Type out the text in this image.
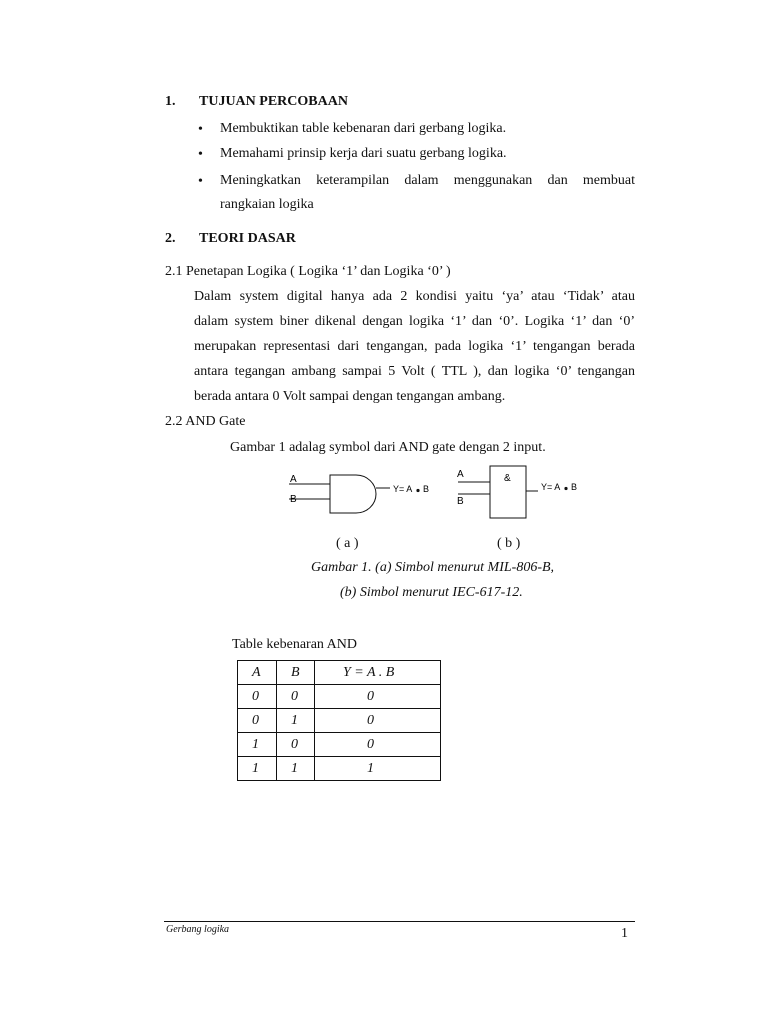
1. TUJUAN PERCOBAAN
• Membuktikan table kebenaran dari gerbang logika.
• Memahami prinsip kerja dari suatu gerbang logika.
• Meningkatkan keterampilan dalam menggunakan dan membuat
rangkaian logika
2. TEORI DASAR
2.1 Penetapan Logika ( Logika ‘1’ dan Logika ‘0’ )
Dalam system digital hanya ada 2 kondisi yaitu ‘ya’ atau ‘Tidak’ atau
dalam system biner dikenal dengan logika ‘1’ dan ‘0’. Logika ‘1’ dan ‘0’
merupakan representasi dari tengangan, pada logika ‘1’ tengangan berada
antara tegangan ambang sampai 5 Volt ( TTL ), dan logika ‘0’ tengangan
berada antara 0 Volt sampai dengan tengangan ambang.
2.2 AND Gate
Gambar 1 adalag symbol dari AND gate dengan 2 input.
A
B
Y= A B
A
B
&
Y= A B
( a )	( b )
Gambar 1. (a) Simbol menurut MIL-806-B,
(b) Simbol menurut IEC-617-12.
Table kebenaran AND
A	B	Y = A . B
0	0	0
0	1	0
1	0	0
1	1	1
Gerbang logika	1
